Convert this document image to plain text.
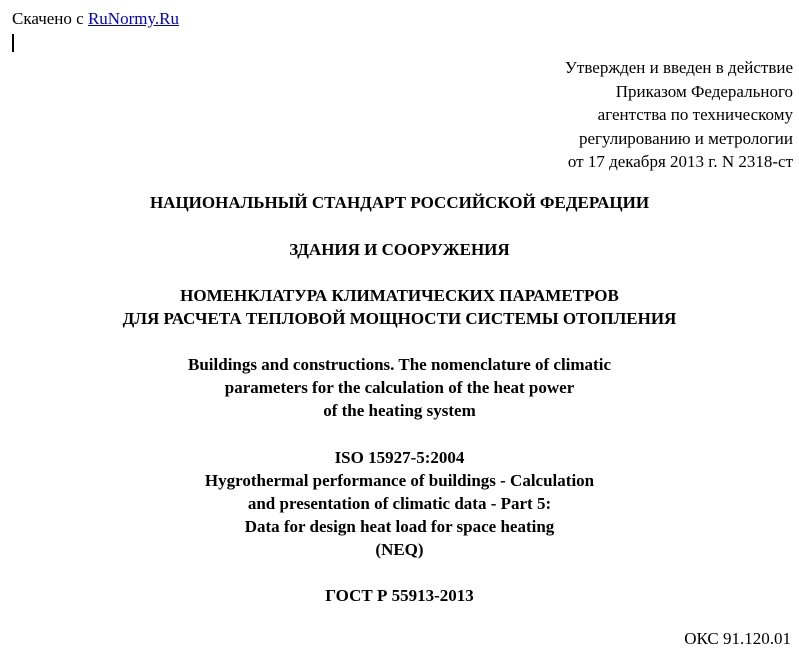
Скачено с RuNormy.Ru
Утвержден и введен в действие
Приказом Федерального
агентства по техническому
регулированию и метрологии
от 17 декабря 2013 г. N 2318-ст
НАЦИОНАЛЬНЫЙ СТАНДАРТ РОССИЙСКОЙ ФЕДЕРАЦИИ
ЗДАНИЯ И СООРУЖЕНИЯ
НОМЕНКЛАТУРА КЛИМАТИЧЕСКИХ ПАРАМЕТРОВ
ДЛЯ РАСЧЕТА ТЕПЛОВОЙ МОЩНОСТИ СИСТЕМЫ ОТОПЛЕНИЯ
Buildings and constructions. The nomenclature of climatic
parameters for the calculation of the heat power
of the heating system
ISO 15927-5:2004
Hygrothermal performance of buildings - Calculation
and presentation of climatic data - Part 5:
Data for design heat load for space heating
(NEQ)
ГОСТ Р 55913-2013
ОКС 91.120.01
